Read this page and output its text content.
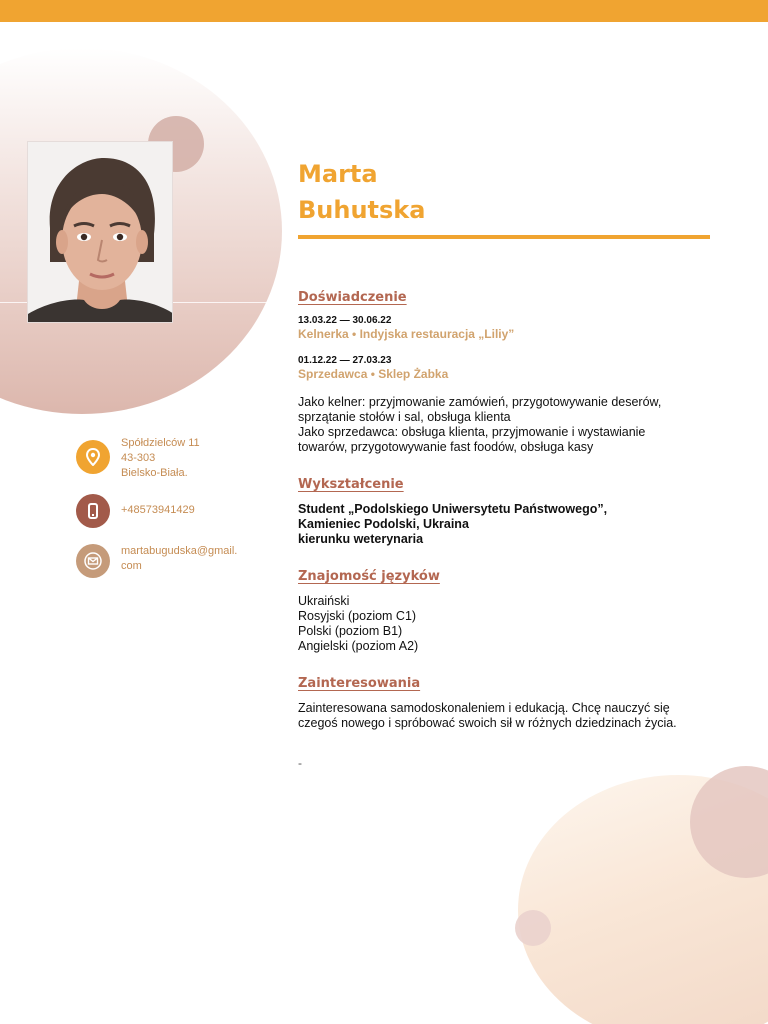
Marta
Buhutska
Spółdzielców 11
43-303
Bielsko-Biała.
+48573941429
martabugudska@gmail.com
Doświadczenie
13.03.22 — 30.06.22
Kelnerka • Indyjska restauracja „Liliy”
01.12.22 — 27.03.23
Sprzedawca • Sklep Żabka
Jako kelner: przyjmowanie zamówień, przygotowywanie deserów,
sprzątanie stołów i sal, obsługa klienta
Jako sprzedawca: obsługa klienta, przyjmowanie i wystawianie
towarów, przygotowywanie fast foodów, obsługa kasy
Wykształcenie
Student „Podolskiego Uniwersytetu Państwowego”,
Kamieniec Podolski, Ukraina
kierunku weterynaria
Znajomość języków
Ukraiński
Rosyjski (poziom C1)
Polski (poziom B1)
Angielski (poziom A2)
Zainteresowania
Zainteresowana samodoskonaleniem i edukacją. Chcę nauczyć się
czegoś nowego i spróbować swoich sił w różnych dziedzinach życia.
-
